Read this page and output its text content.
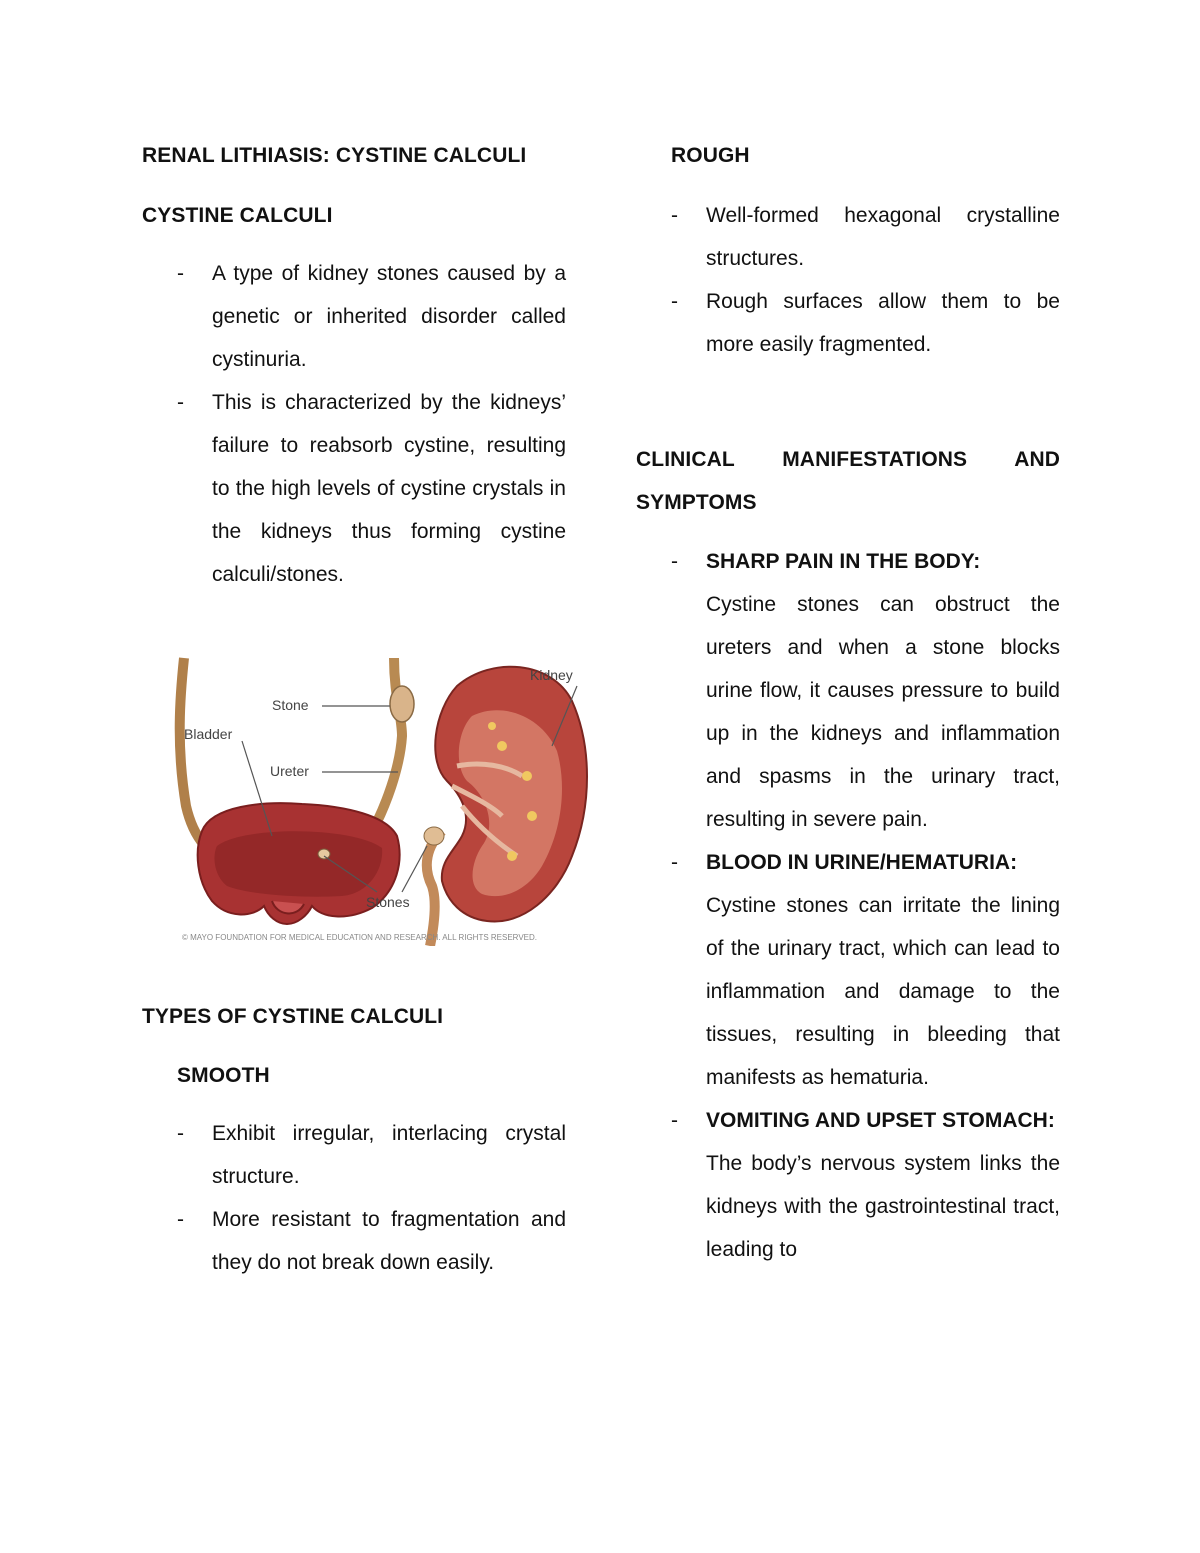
RENAL LITHIASIS: CYSTINE CALCULI
CYSTINE CALCULI
- A type of kidney stones caused by a genetic or inherited disorder called cystinuria.
- This is characterized by the kidneys’ failure to reabsorb cystine, resulting to the high levels of cystine crystals in the kidneys thus forming cystine calculi/stones.
Stone
Bladder
Ureter
Stones
Kidney
© MAYO FOUNDATION FOR MEDICAL EDUCATION AND RESEARCH. ALL RIGHTS RESERVED.
TYPES OF CYSTINE CALCULI
SMOOTH
- Exhibit irregular, interlacing crystal structure.
- More resistant to fragmentation and they do not break down easily.
ROUGH
- Well-formed hexagonal crystalline structures.
- Rough surfaces allow them to be more easily fragmented.
CLINICAL MANIFESTATIONS AND SYMPTOMS
- SHARP PAIN IN THE BODY:
Cystine stones can obstruct the ureters and when a stone blocks urine flow, it causes pressure to build up in the kidneys and inflammation and spasms in the urinary tract, resulting in severe pain.
- BLOOD IN URINE/HEMATURIA:
Cystine stones can irritate the lining of the urinary tract, which can lead to inflammation and damage to the tissues, resulting in bleeding that manifests as hematuria.
- VOMITING AND UPSET STOMACH:
The body’s nervous system links the kidneys with the gastrointestinal tract, leading to
